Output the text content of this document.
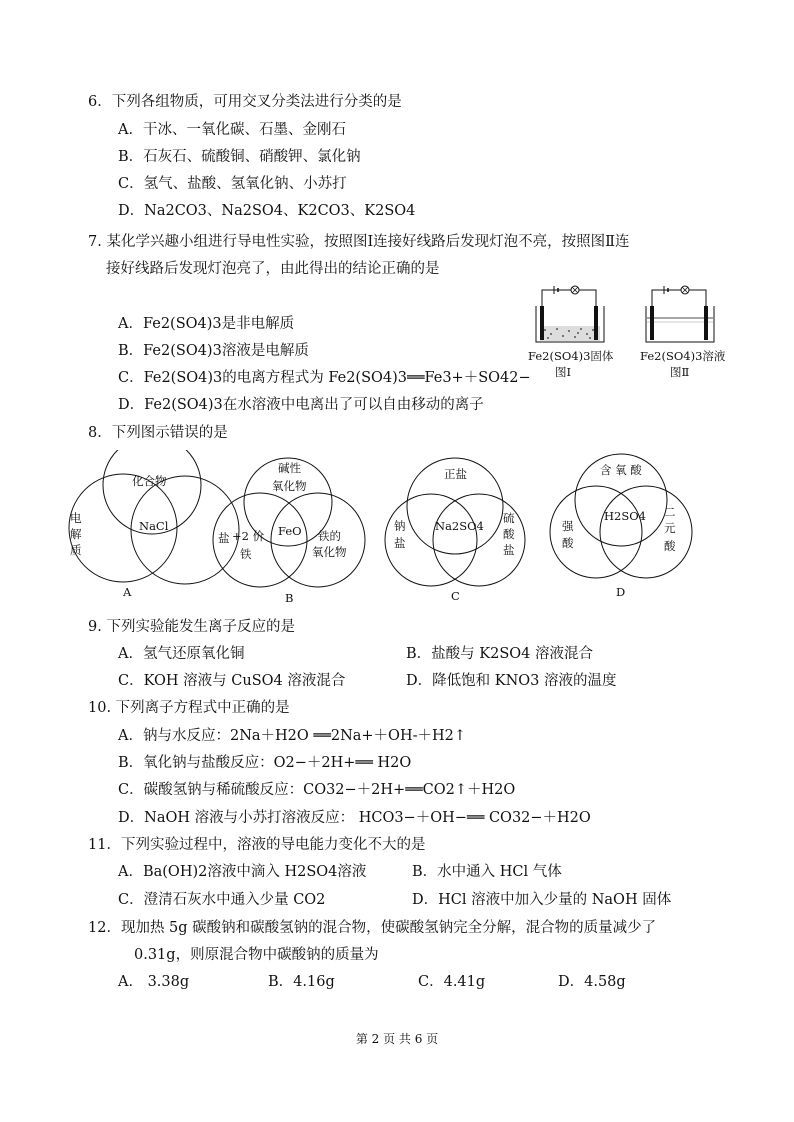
6．下列各组物质，可用交叉分类法进行分类的是
A．干冰、一氧化碳、石墨、金刚石
B．石灰石、硫酸铜、硝酸钾、氯化钠
C．氢气、盐酸、氢氧化钠、小苏打
D．Na2CO3、Na2SO4、K2CO3、K2SO4
7. 某化学兴趣小组进行导电性实验，按照图Ⅰ连接好线路后发现灯泡不亮，按照图Ⅱ连
接好线路后发现灯泡亮了，由此得出的结论正确的是
A．Fe2(SO4)3是非电解质
B．Fe2(SO4)3溶液是电解质
C．Fe2(SO4)3的电离方程式为 Fe2(SO4)3══Fe3+＋SO42−
D．Fe2(SO4)3在水溶液中电离出了可以自由移动的离子
Fe2(SO4)3固体
图Ⅰ
Fe2(SO4)3溶液
图Ⅱ
8．下列图示错误的是
化合物
电
解
质
NaCl
盐
A
碱性
氧化物
+2 价
铁
FeO 铁的
氧化物
B
正盐
钠
盐
Na2SO4
硫
酸
盐
C
含 氧 酸
强
酸
H2SO4 二
元
酸
D
9. 下列实验能发生离子反应的是
A．氢气还原氧化铜	B．盐酸与 K2SO4 溶液混合
C．KOH 溶液与 CuSO4 溶液混合	D．降低饱和 KNO3 溶液的温度
10. 下列离子方程式中正确的是
A．钠与水反应：2Na＋H2O ══2Na+＋OH-＋H2↑
B．氧化钠与盐酸反应：O2−＋2H+══ H2O
C．碳酸氢钠与稀硫酸反应：CO32−＋2H+══CO2↑＋H2O
D．NaOH 溶液与小苏打溶液反应： HCO3−＋OH−══ CO32−＋H2O
11．下列实验过程中，溶液的导电能力变化不大的是
A．Ba(OH)2溶液中滴入 H2SO4溶液	B．水中通入 HCl 气体
C．澄清石灰水中通入少量 CO2	D．HCl 溶液中加入少量的 NaOH 固体
12．现加热 5g 碳酸钠和碳酸氢钠的混合物，使碳酸氢钠完全分解，混合物的质量减少了
0.31g，则原混合物中碳酸钠的质量为
A． 3.38g	B．4.16g	C．4.41g	D．4.58g
第 2 页 共 6 页
